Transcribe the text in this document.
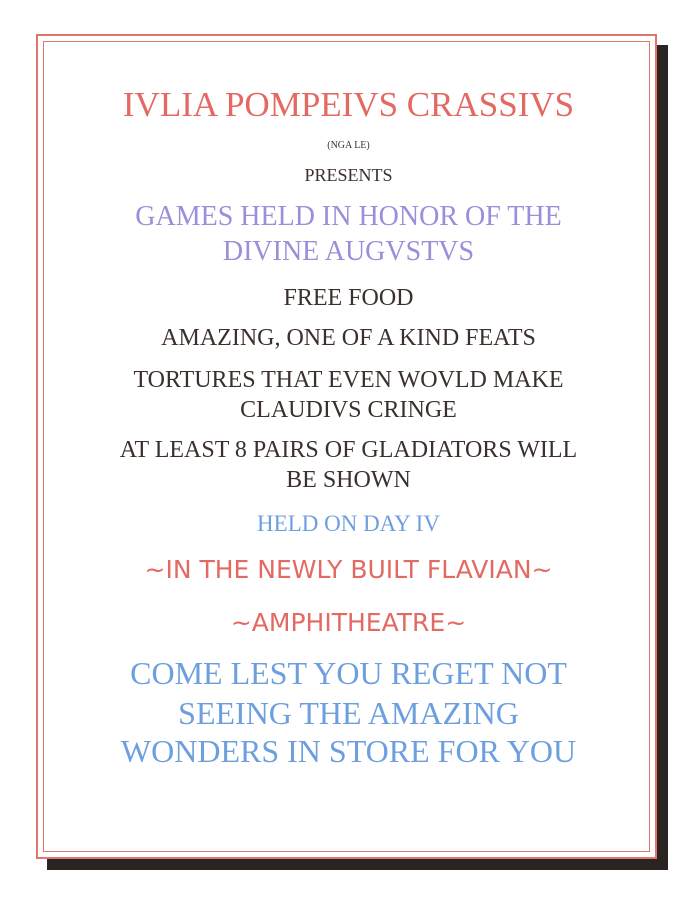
IVLIA POMPEIVS CRASSIVS
(NGA LE)
PRESENTS
GAMES HELD IN HONOR OF THE
DIVINE AUGVSTVS
FREE FOOD
AMAZING, ONE OF A KIND FEATS
TORTURES THAT EVEN WOVLD MAKE
CLAUDIVS CRINGE
AT LEAST 8 PAIRS OF GLADIATORS WILL
BE SHOWN
HELD ON DAY IV
~IN THE NEWLY BUILT FLAVIAN~
~AMPHITHEATRE~
COME LEST YOU REGET NOT
SEEING THE AMAZING
WONDERS IN STORE FOR YOU
